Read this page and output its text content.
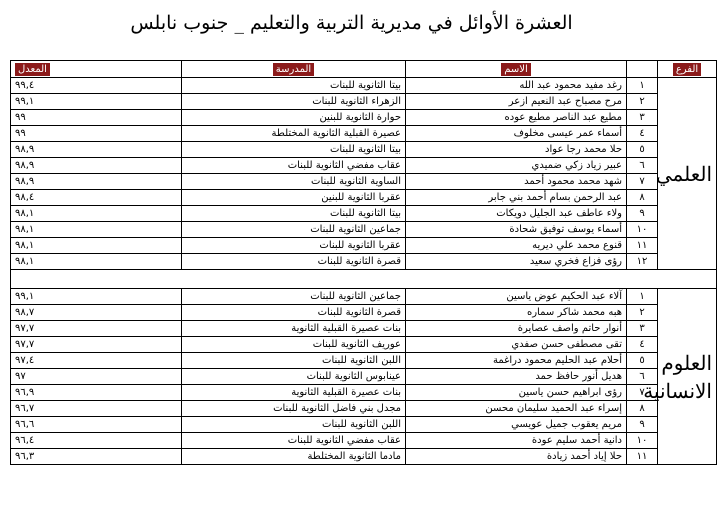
العشرة الأوائل في مديرية التربية والتعليم _ جنوب نابلس
الفرع		الاسم	المدرسة	المعدل
العلمي	١	رغد مفيد محمود عبد الله	بيتا الثانوية للبنات	٩٩,٤
	٢	مرح مصباح عبد النعيم ازعر	الزهراء الثانوية للبنات	٩٩,١
	٣	مطيع عبد الناصر مطيع عوده	حوارة الثانوية للبنين	٩٩
	٤	أسماء عمر عيسى مخلوف	عصيرة القبلية الثانوية المختلطة	٩٩
	٥	حلا محمد رجا عواد	بيتا الثانوية للبنات	٩٨,٩
	٦	عبير زياد زكي ضميدي	عقاب مفضي الثانوية للبنات	٩٨,٩
	٧	شهد محمد محمود أحمد	الساوية الثانوية للبنات	٩٨,٩
	٨	عبد الرحمن بسام أحمد بني جابر	عقربا الثانوية للبنين	٩٨,٤
	٩	ولاء عاطف عبد الجليل دويكات	بيتا الثانوية للبنات	٩٨,١
	١٠	أسماء يوسف توفيق شحادة	جماعين الثانوية للبنات	٩٨,١
	١١	قنوع محمد علي ديريه	عقربا الثانوية للبنات	٩٨,١
	١٢	رؤى فزاع فخري سعيد	قصرة الثانوية للبنات	٩٨,١

العلوم الانسانية	١	آلاء عبد الحكيم عوض ياسين	جماعين الثانوية للبنات	٩٩,١
	٢	هبه محمد شاكر سماره	قصرة الثانوية للبنات	٩٨,٧
	٣	أنوار حاتم واصف عصايرة	بنات عصيرة القبلية الثانوية	٩٧,٧
	٤	تقى مصطفى حسن صفدي	عوريف الثانوية للبنات	٩٧,٧
	٥	أحلام عبد الحليم محمود دراغمة	اللبن الثانوية للبنات	٩٧,٤
	٦	هديل أنور حافظ حمد	عينابوس الثانوية للبنات	٩٧
	٧	رؤى ابراهيم حسن ياسين	بنات عصيرة القبلية الثانوية	٩٦,٩
	٨	إسراء عبد الحميد سليمان محسن	مجدل بني فاضل الثانوية للبنات	٩٦,٧
	٩	مريم يعقوب جميل عويسي	اللبن الثانوية للبنات	٩٦,٦
	١٠	دانية أحمد سليم عودة	عقاب مفضي الثانوية للبنات	٩٦,٤
	١١	حلا إياد أحمد زيادة	مادما الثانوية المختلطة	٩٦,٣
